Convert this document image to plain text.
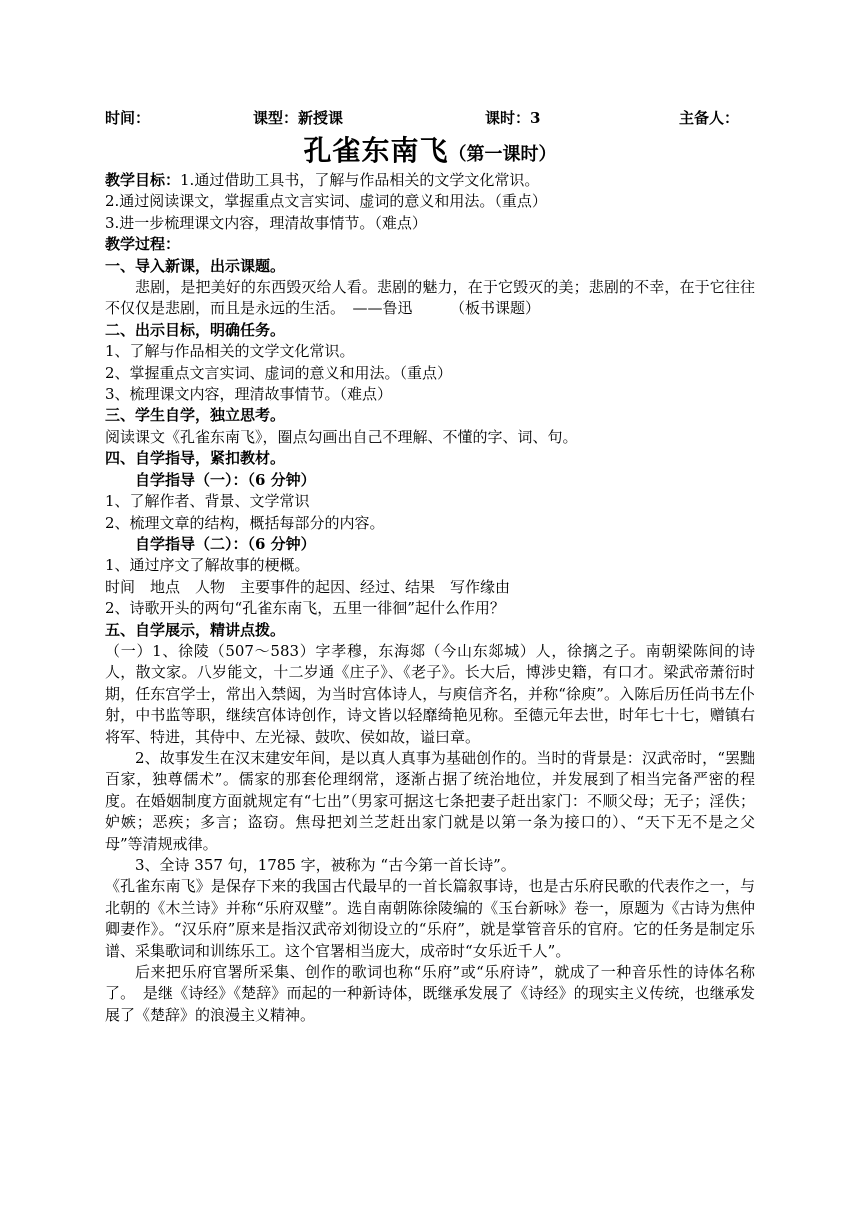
时间：	课型：新授课	课时：3	主备人：
孔雀东南飞（第一课时）

教学目标：1.通过借助工具书，了解与作品相关的文学文化常识。

2.通过阅读课文，掌握重点文言实词、虚词的意义和用法。（重点）

3.进一步梳理课文内容，理清故事情节。（难点）

教学过程：

一、导入新课，出示课题。

悲剧，是把美好的东西毁灭给人看。悲剧的魅力，在于它毁灭的美；悲剧的不幸，在于它往往不仅仅是悲剧，而且是永远的生活。　——鲁迅　　　（板书课题）

二、出示目标，明确任务。

1、了解与作品相关的文学文化常识。

2、掌握重点文言实词、虚词的意义和用法。（重点）

3、梳理课文内容，理清故事情节。（难点）

三、学生自学，独立思考。

阅读课文《孔雀东南飞》，圈点勾画出自己不理解、不懂的字、词、句。

四、自学指导，紧扣教材。

自学指导（一）：（6 分钟）

1、了解作者、背景、文学常识

2、梳理文章的结构，概括每部分的内容。

自学指导（二）：（6 分钟）

1、通过序文了解故事的梗概。

时间　地点　人物　主要事件的起因、经过、结果　写作缘由

2、诗歌开头的两句“孔雀东南飞，五里一徘徊”起什么作用？

五、自学展示，精讲点拨。

（一）1、徐陵（507～583）字孝穆，东海郯（今山东郯城）人，徐摛之子。南朝梁陈间的诗人，散文家。八岁能文，十二岁通《庄子》、《老子》。长大后，博涉史籍，有口才。梁武帝萧衍时期，任东宫学士，常出入禁闼，为当时宫体诗人，与庾信齐名，并称“徐庾”。入陈后历任尚书左仆射，中书监等职，继续宫体诗创作，诗文皆以轻靡绮艳见称。至德元年去世，时年七十七，赠镇右将军、特进，其侍中、左光禄、鼓吹、侯如故，谥曰章。

2、故事发生在汉末建安年间，是以真人真事为基础创作的。当时的背景是：汉武帝时，“罢黜百家，独尊儒术”。儒家的那套伦理纲常，逐渐占据了统治地位，并发展到了相当完备严密的程度。在婚姻制度方面就规定有“七出”（男家可据这七条把妻子赶出家门：不顺父母；无子；淫佚；妒嫉；恶疾；多言；盗窃。焦母把刘兰芝赶出家门就是以第一条为接口的）、“天下无不是之父母”等清规戒律。

3、全诗 357 句，1785 字，被称为 “古今第一首长诗”。

《孔雀东南飞》是保存下来的我国古代最早的一首长篇叙事诗，也是古乐府民歌的代表作之一，与北朝的《木兰诗》并称“乐府双璧”。选自南朝陈徐陵编的《玉台新咏》卷一，原题为《古诗为焦仲卿妻作》。“汉乐府”原来是指汉武帝刘彻设立的“乐府”，就是掌管音乐的官府。它的任务是制定乐谱、采集歌词和训练乐工。这个官署相当庞大，成帝时“女乐近千人”。

后来把乐府官署所采集、创作的歌词也称“乐府”或“乐府诗”，就成了一种音乐性的诗体名称了。　是继《诗经》《楚辞》而起的一种新诗体，既继承发展了《诗经》的现实主义传统，也继承发展了《楚辞》的浪漫主义精神。
